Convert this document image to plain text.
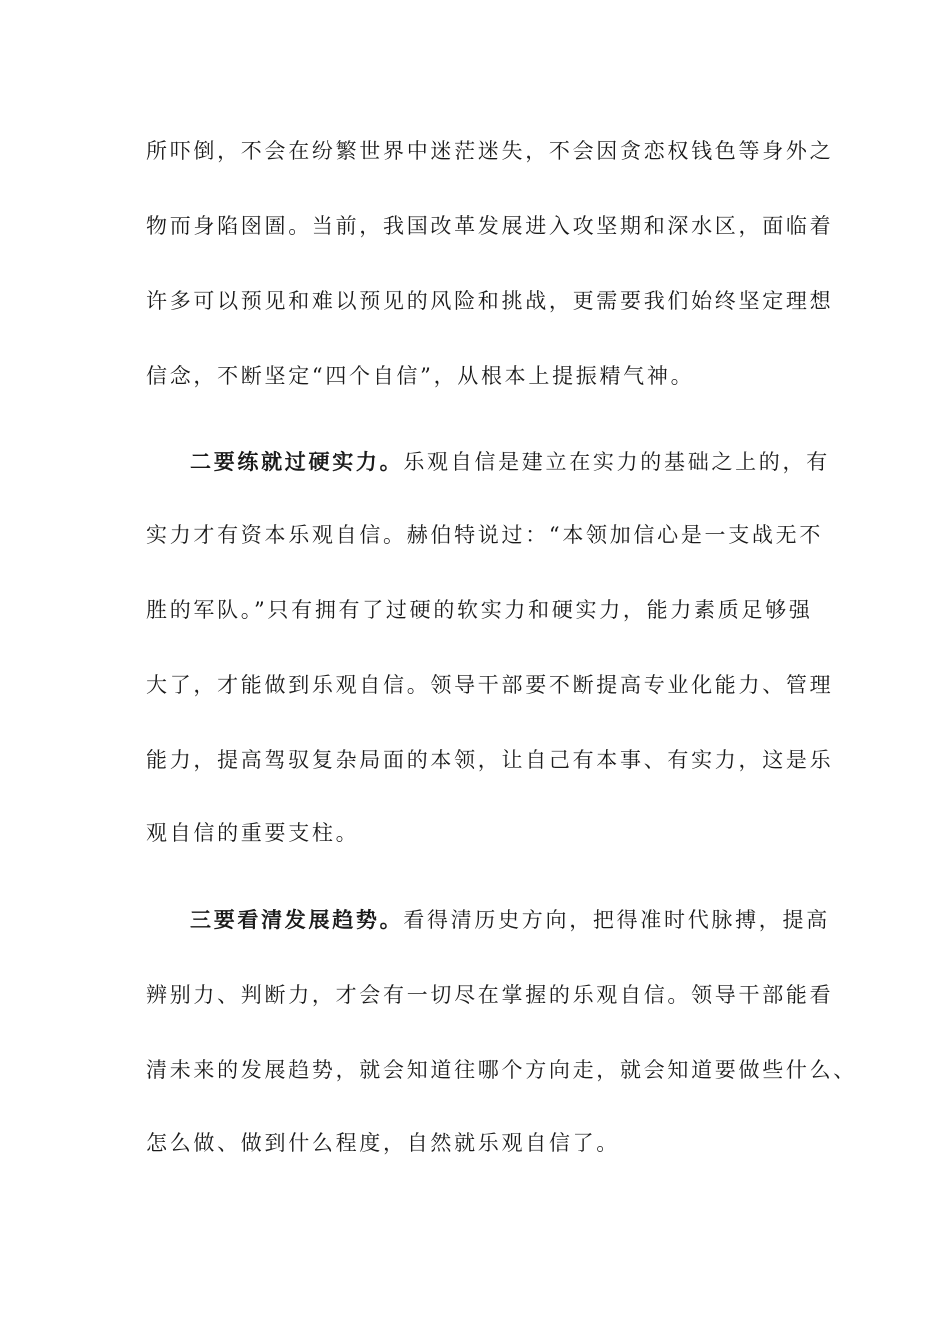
所吓倒，不会在纷繁世界中迷茫迷失，不会因贪恋权钱色等身外之
物而身陷囹圄。当前，我国改革发展进入攻坚期和深水区，面临着
许多可以预见和难以预见的风险和挑战，更需要我们始终坚定理想
信念，不断坚定“四个自信”，从根本上提振精气神。
二要练就过硬实力。乐观自信是建立在实力的基础之上的，有
实力才有资本乐观自信。赫伯特说过：“本领加信心是一支战无不
胜的军队。”只有拥有了过硬的软实力和硬实力，能力素质足够强
大了，才能做到乐观自信。领导干部要不断提高专业化能力、管理
能力，提高驾驭复杂局面的本领，让自己有本事、有实力，这是乐
观自信的重要支柱。
三要看清发展趋势。看得清历史方向，把得准时代脉搏，提高
辨别力、判断力，才会有一切尽在掌握的乐观自信。领导干部能看
清未来的发展趋势，就会知道往哪个方向走，就会知道要做些什么、
怎么做、做到什么程度，自然就乐观自信了。
